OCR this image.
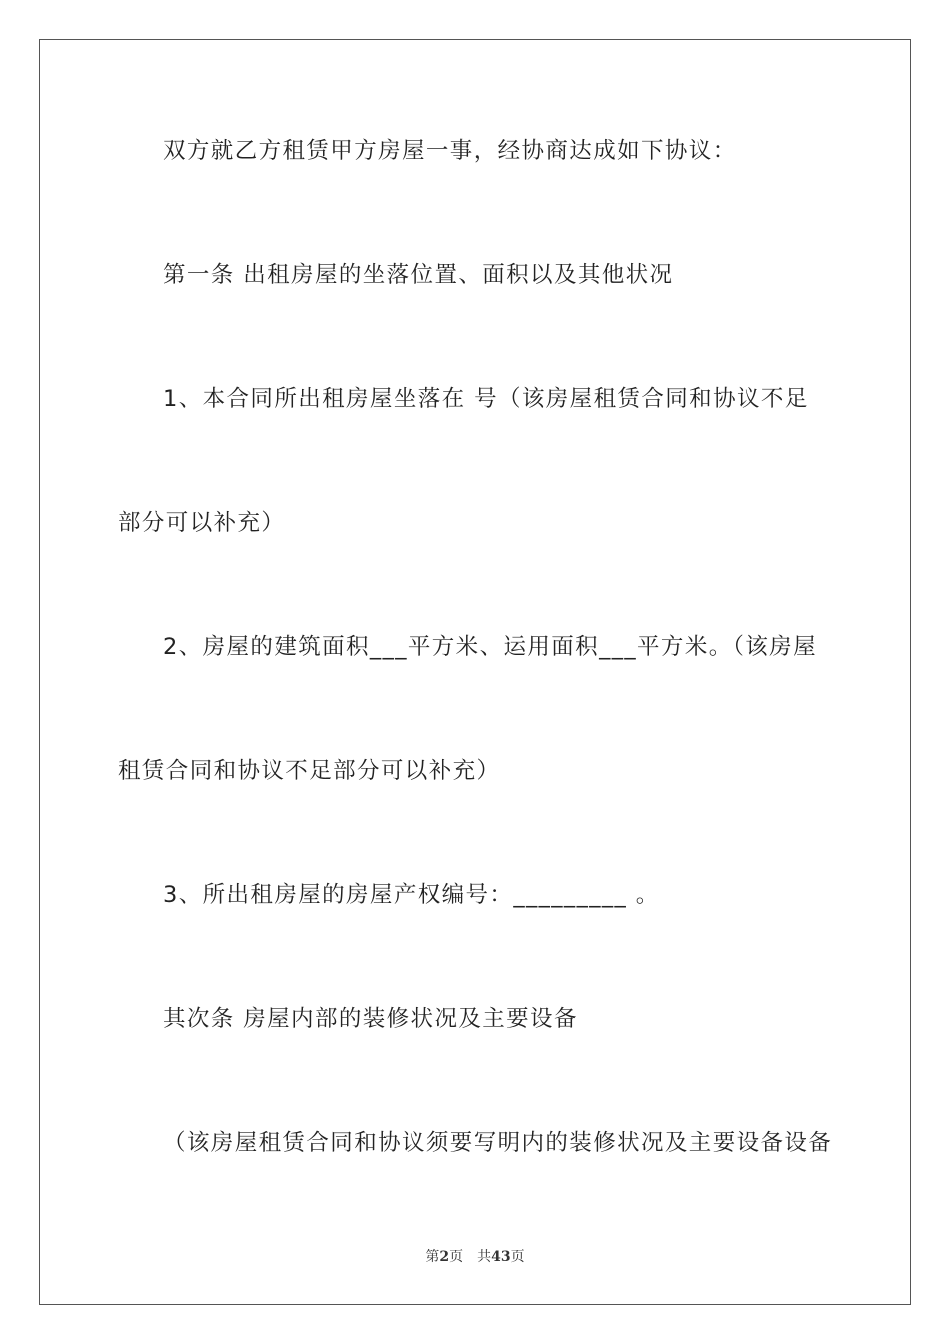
双方就乙方租赁甲方房屋一事，经协商达成如下协议：
第一条 出租房屋的坐落位置、面积以及其他状况
1、本合同所出租房屋坐落在 号（该房屋租赁合同和协议不足
部分可以补充）
2、房屋的建筑面积___平方米、运用面积___平方米。（该房屋
租赁合同和协议不足部分可以补充）
3、所出租房屋的房屋产权编号：_________ 。
其次条 房屋内部的装修状况及主要设备
（该房屋租赁合同和协议须要写明内的装修状况及主要设备设备
第2页 共43页
